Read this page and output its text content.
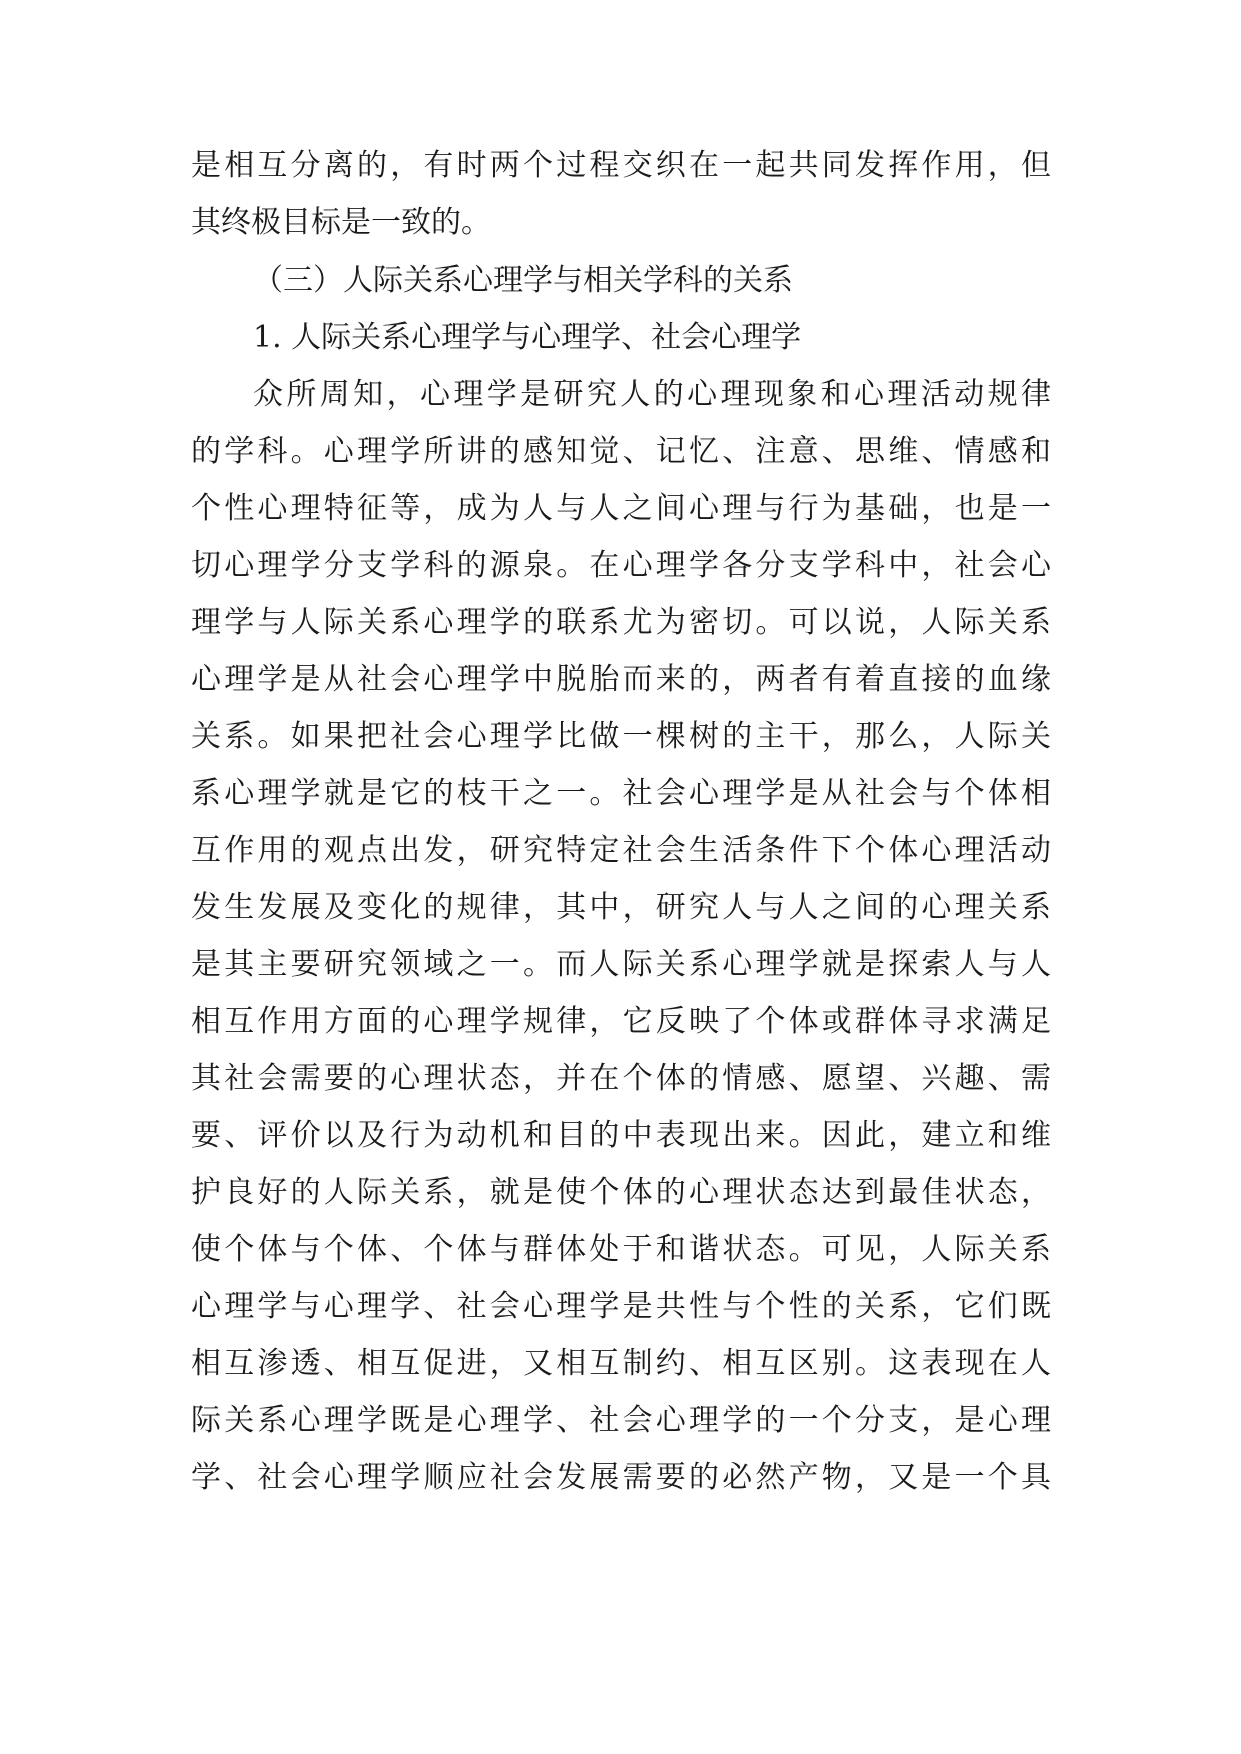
是相互分离的，有时两个过程交织在一起共同发挥作用，但
其终极目标是一致的。
（三）人际关系心理学与相关学科的关系
1. 人际关系心理学与心理学、社会心理学
众所周知，心理学是研究人的心理现象和心理活动规律
的学科。心理学所讲的感知觉、记忆、注意、思维、情感和
个性心理特征等，成为人与人之间心理与行为基础，也是一
切心理学分支学科的源泉。在心理学各分支学科中，社会心
理学与人际关系心理学的联系尤为密切。可以说，人际关系
心理学是从社会心理学中脱胎而来的，两者有着直接的血缘
关系。如果把社会心理学比做一棵树的主干，那么，人际关
系心理学就是它的枝干之一。社会心理学是从社会与个体相
互作用的观点出发，研究特定社会生活条件下个体心理活动
发生发展及变化的规律，其中，研究人与人之间的心理关系
是其主要研究领域之一。而人际关系心理学就是探索人与人
相互作用方面的心理学规律，它反映了个体或群体寻求满足
其社会需要的心理状态，并在个体的情感、愿望、兴趣、需
要、评价以及行为动机和目的中表现出来。因此，建立和维
护良好的人际关系，就是使个体的心理状态达到最佳状态，
使个体与个体、个体与群体处于和谐状态。可见，人际关系
心理学与心理学、社会心理学是共性与个性的关系，它们既
相互渗透、相互促进，又相互制约、相互区别。这表现在人
际关系心理学既是心理学、社会心理学的一个分支，是心理
学、社会心理学顺应社会发展需要的必然产物，又是一个具
